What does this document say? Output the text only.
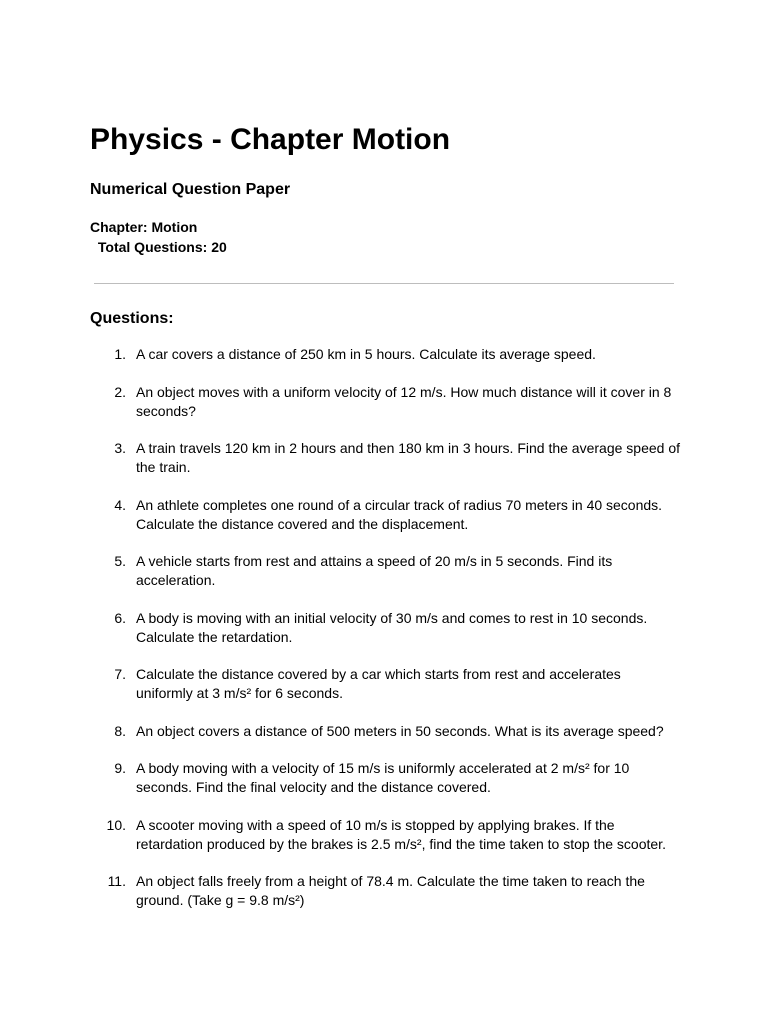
Physics - Chapter Motion
Numerical Question Paper
Chapter: Motion
Total Questions: 20
Questions:
1. A car covers a distance of 250 km in 5 hours. Calculate its average speed.
2. An object moves with a uniform velocity of 12 m/s. How much distance will it cover in 8 seconds?
3. A train travels 120 km in 2 hours and then 180 km in 3 hours. Find the average speed of the train.
4. An athlete completes one round of a circular track of radius 70 meters in 40 seconds. Calculate the distance covered and the displacement.
5. A vehicle starts from rest and attains a speed of 20 m/s in 5 seconds. Find its acceleration.
6. A body is moving with an initial velocity of 30 m/s and comes to rest in 10 seconds. Calculate the retardation.
7. Calculate the distance covered by a car which starts from rest and accelerates uniformly at 3 m/s² for 6 seconds.
8. An object covers a distance of 500 meters in 50 seconds. What is its average speed?
9. A body moving with a velocity of 15 m/s is uniformly accelerated at 2 m/s² for 10 seconds. Find the final velocity and the distance covered.
10. A scooter moving with a speed of 10 m/s is stopped by applying brakes. If the retardation produced by the brakes is 2.5 m/s², find the time taken to stop the scooter.
11. An object falls freely from a height of 78.4 m. Calculate the time taken to reach the ground. (Take g = 9.8 m/s²)
